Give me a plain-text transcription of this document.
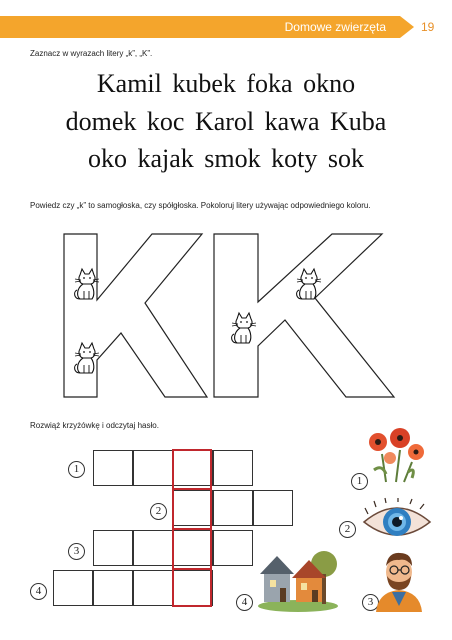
Domowe zwierzęta	19
Zaznacz w wyrazach litery „k”, „K”.
Kamil kubek foka okno
domek koc Karol kawa Kuba
oko kajak smok koty sok
Powiedz czy „k” to samogłoska, czy spółgłoska. Pokoloruj litery używając odpowiedniego koloru.
Rozwiąż krzyżówkę i odczytaj hasło.
1
2
3
4
1
2
3
4
